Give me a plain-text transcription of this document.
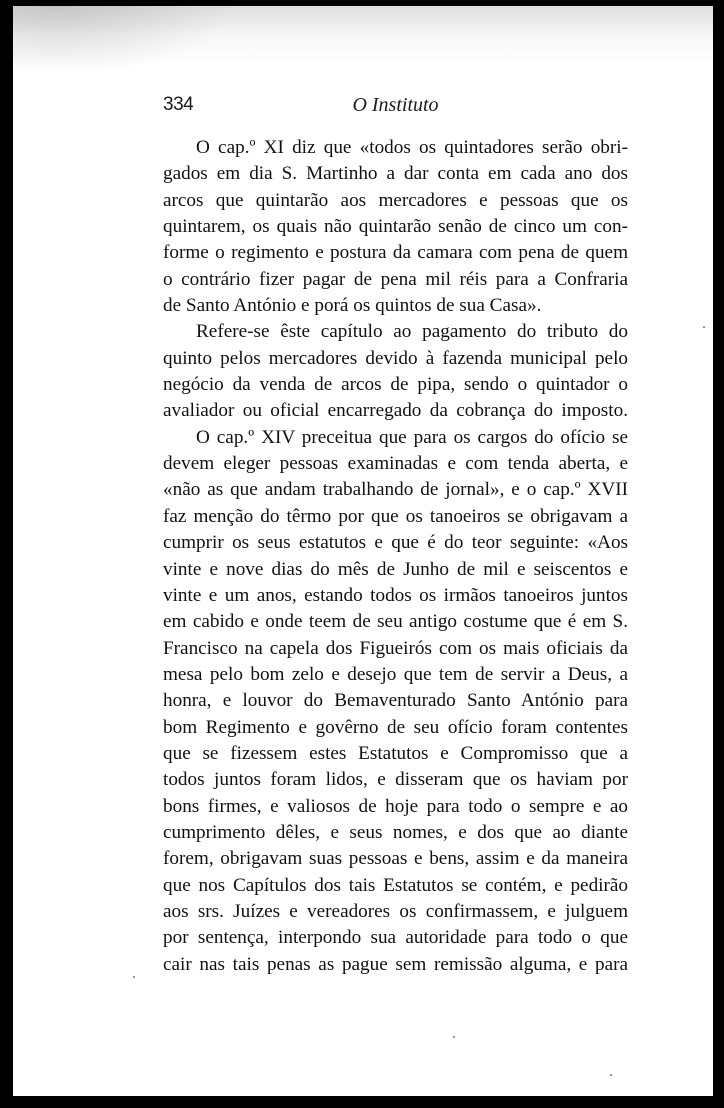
334	O Instituto
O cap.º XI diz que «todos os quintadores serão obri-
gados em dia S. Martinho a dar conta em cada ano dos
arcos que quintarão aos mercadores e pessoas que os
quintarem, os quais não quintarão senão de cinco um con-
forme o regimento e postura da camara com pena de quem
o contrário fizer pagar de pena mil réis para a Confraria
de Santo António e porá os quintos de sua Casa».
Refere-se êste capítulo ao pagamento do tributo do
quinto pelos mercadores devido à fazenda municipal pelo
negócio da venda de arcos de pipa, sendo o quintador o
avaliador ou oficial encarregado da cobrança do imposto.
O cap.º XIV preceitua que para os cargos do ofício se
devem eleger pessoas examinadas e com tenda aberta, e
«não as que andam trabalhando de jornal», e o cap.º XVII
faz menção do têrmo por que os tanoeiros se obrigavam a
cumprir os seus estatutos e que é do teor seguinte: «Aos
vinte e nove dias do mês de Junho de mil e seiscentos e
vinte e um anos, estando todos os irmãos tanoeiros juntos
em cabido e onde teem de seu antigo costume que é em S.
Francisco na capela dos Figueirós com os mais oficiais da
mesa pelo bom zelo e desejo que tem de servir a Deus, a
honra, e louvor do Bemaventurado Santo António para
bom Regimento e govêrno de seu ofício foram contentes
que se fizessem estes Estatutos e Compromisso que a
todos juntos foram lidos, e disseram que os haviam por
bons firmes, e valiosos de hoje para todo o sempre e ao
cumprimento dêles, e seus nomes, e dos que ao diante
forem, obrigavam suas pessoas e bens, assim e da maneira
que nos Capítulos dos tais Estatutos se contém, e pedirão
aos srs. Juízes e vereadores os confirmassem, e julguem
por sentença, interpondo sua autoridade para todo o que
cair nas tais penas as pague sem remissão alguma, e para
